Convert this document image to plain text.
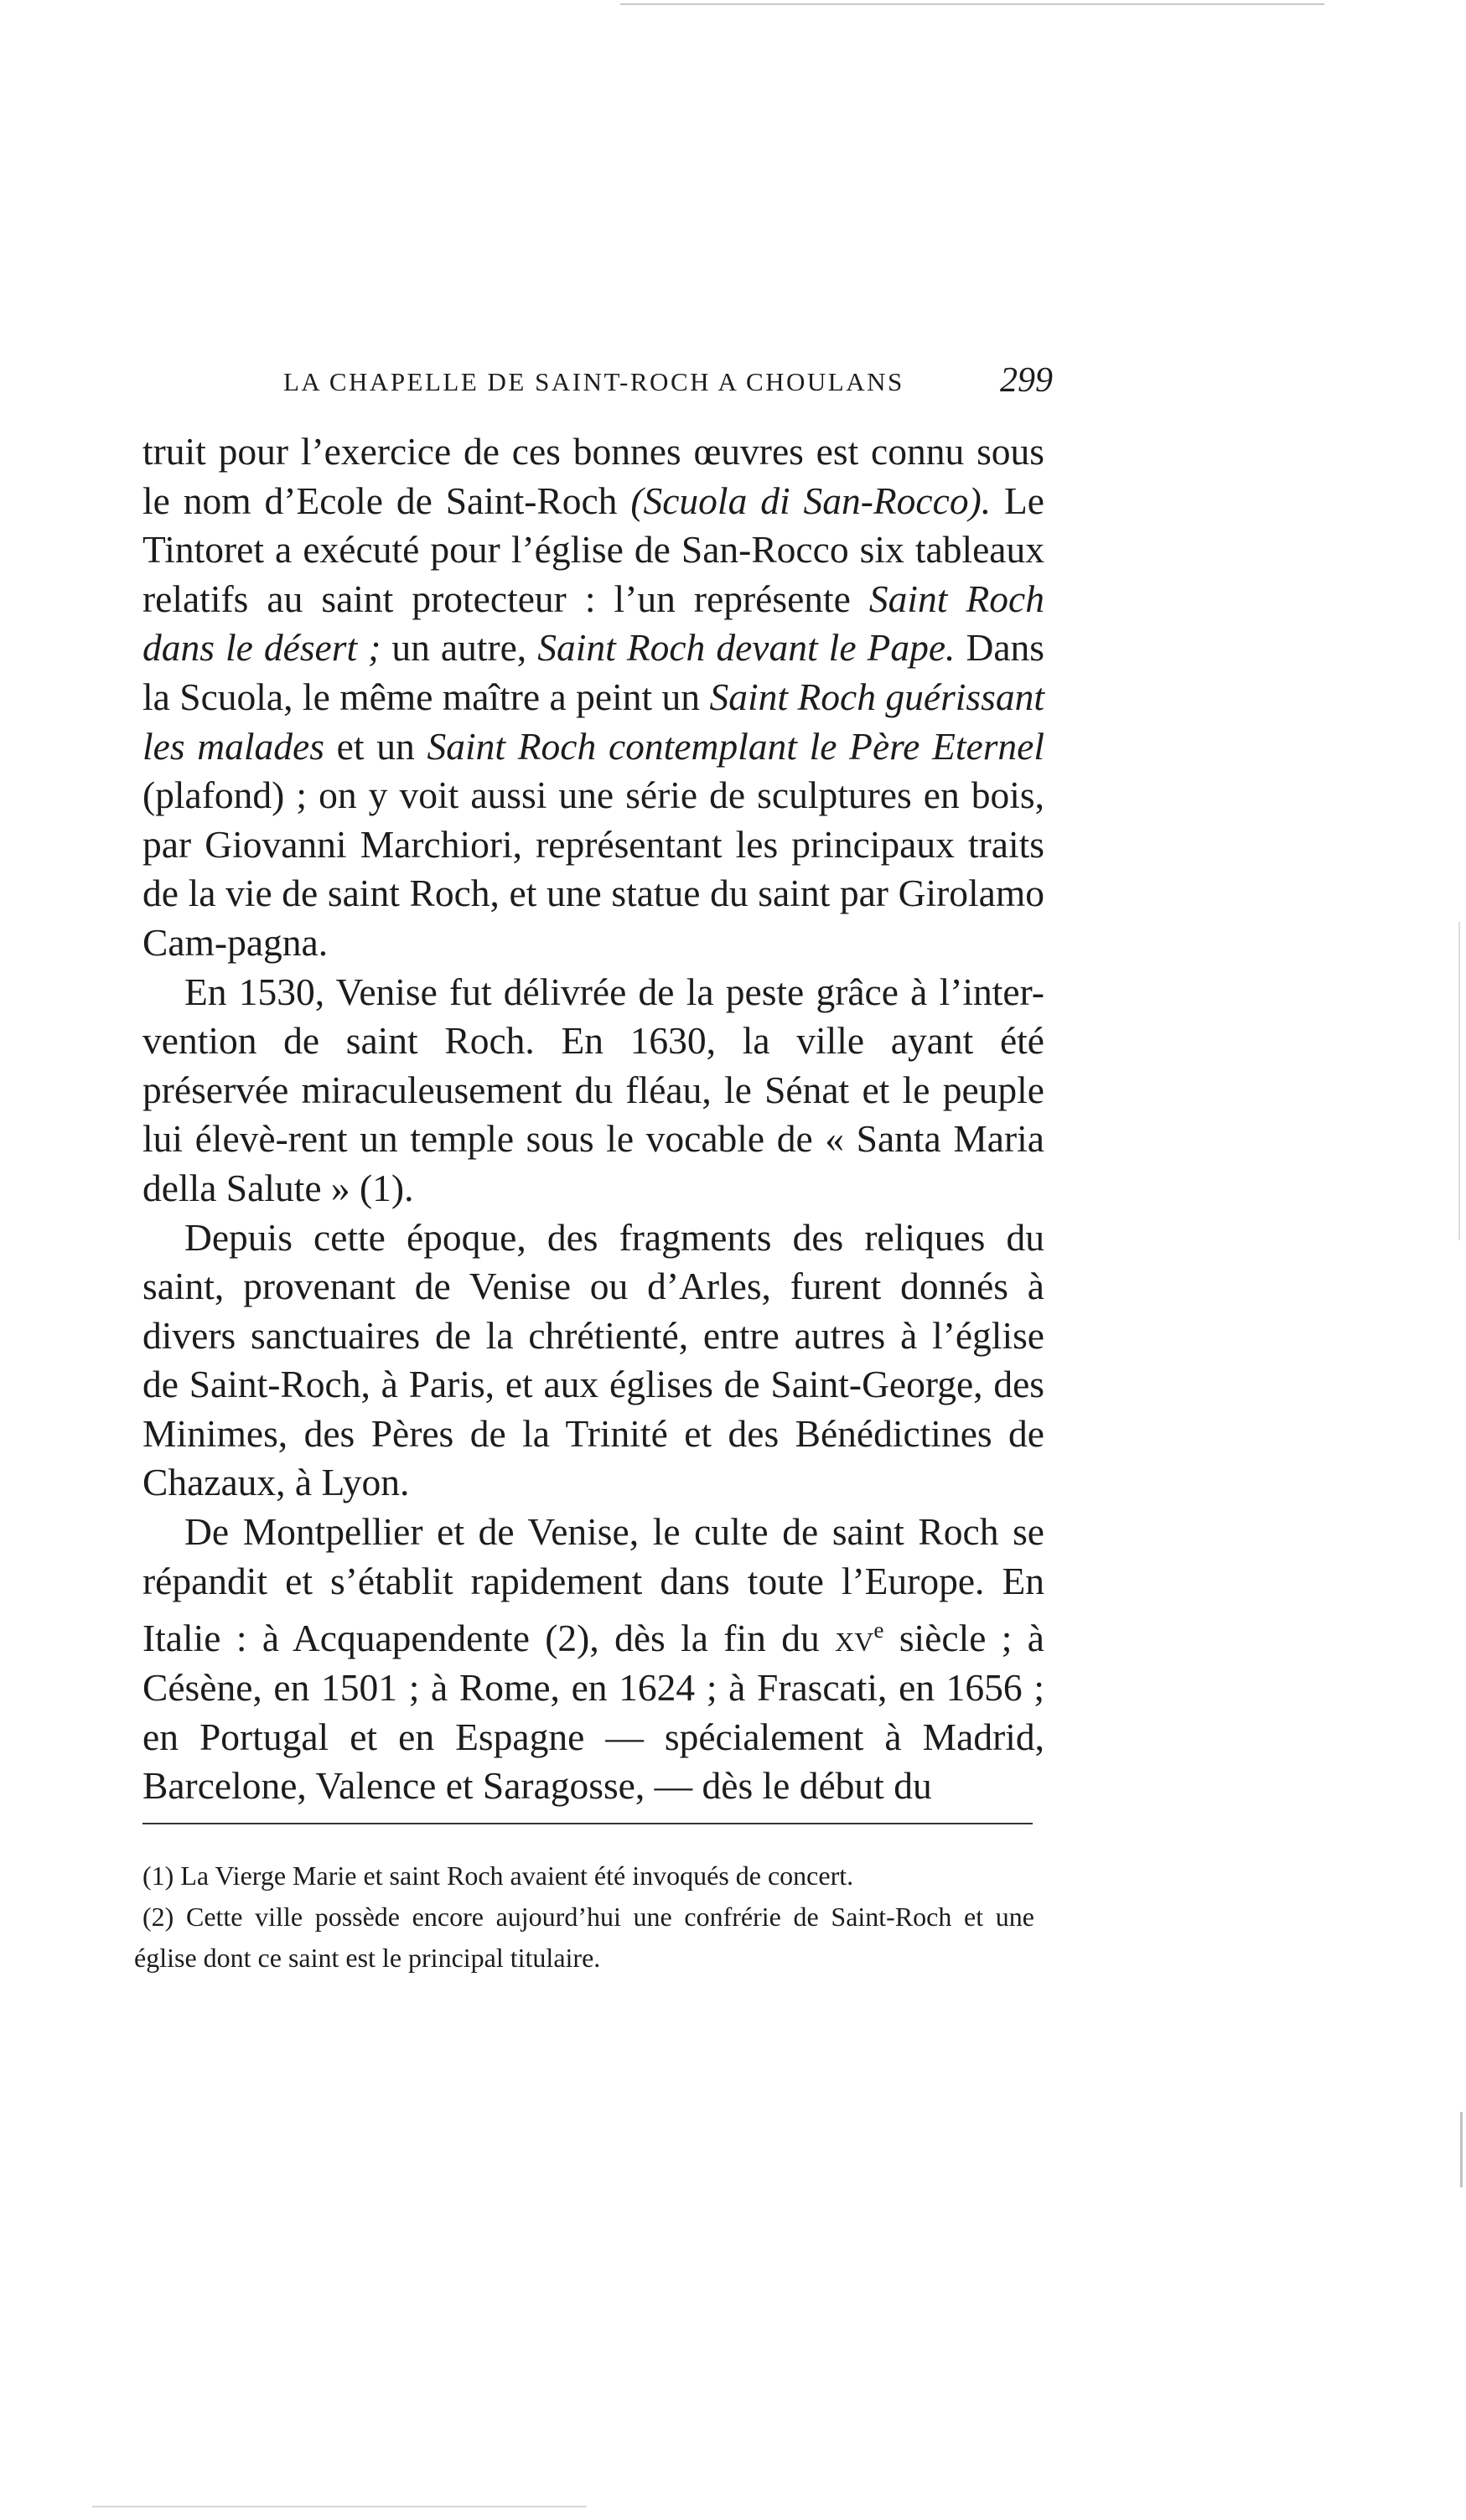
LA CHAPELLE DE SAINT-ROCH A CHOULANS	299

truit pour l’exercice de ces bonnes œuvres est connu sous le nom d’Ecole de Saint-Roch (Scuola di San-Rocco). Le Tintoret a exécuté pour l’église de San-Rocco six tableaux relatifs au saint protecteur : l’un représente Saint Roch dans le désert ; un autre, Saint Roch devant le Pape. Dans la Scuola, le même maître a peint un Saint Roch guérissant les malades et un Saint Roch contemplant le Père Eternel (plafond) ; on y voit aussi une série de sculptures en bois, par Giovanni Marchiori, représentant les principaux traits de la vie de saint Roch, et une statue du saint par Girolamo Cam-pagna.

En 1530, Venise fut délivrée de la peste grâce à l’inter-vention de saint Roch. En 1630, la ville ayant été préservée miraculeusement du fléau, le Sénat et le peuple lui élevè-rent un temple sous le vocable de « Santa Maria della Salute » (1).

Depuis cette époque, des fragments des reliques du saint, provenant de Venise ou d’Arles, furent donnés à divers sanctuaires de la chrétienté, entre autres à l’église de Saint-Roch, à Paris, et aux églises de Saint-George, des Minimes, des Pères de la Trinité et des Bénédictines de Chazaux, à Lyon.

De Montpellier et de Venise, le culte de saint Roch se répandit et s’établit rapidement dans toute l’Europe. En Italie : à Acquapendente (2), dès la fin du $xv^e$ siècle ; à Césène, en 1501 ; à Rome, en 1624 ; à Frascati, en 1656 ; en Portugal et en Espagne — spécialement à Madrid, Barcelone, Valence et Saragosse, — dès le début du

(1) La Vierge Marie et saint Roch avaient été invoqués de concert.

(2) Cette ville possède encore aujourd’hui une confrérie de Saint-Roch et une église dont ce saint est le principal titulaire.
